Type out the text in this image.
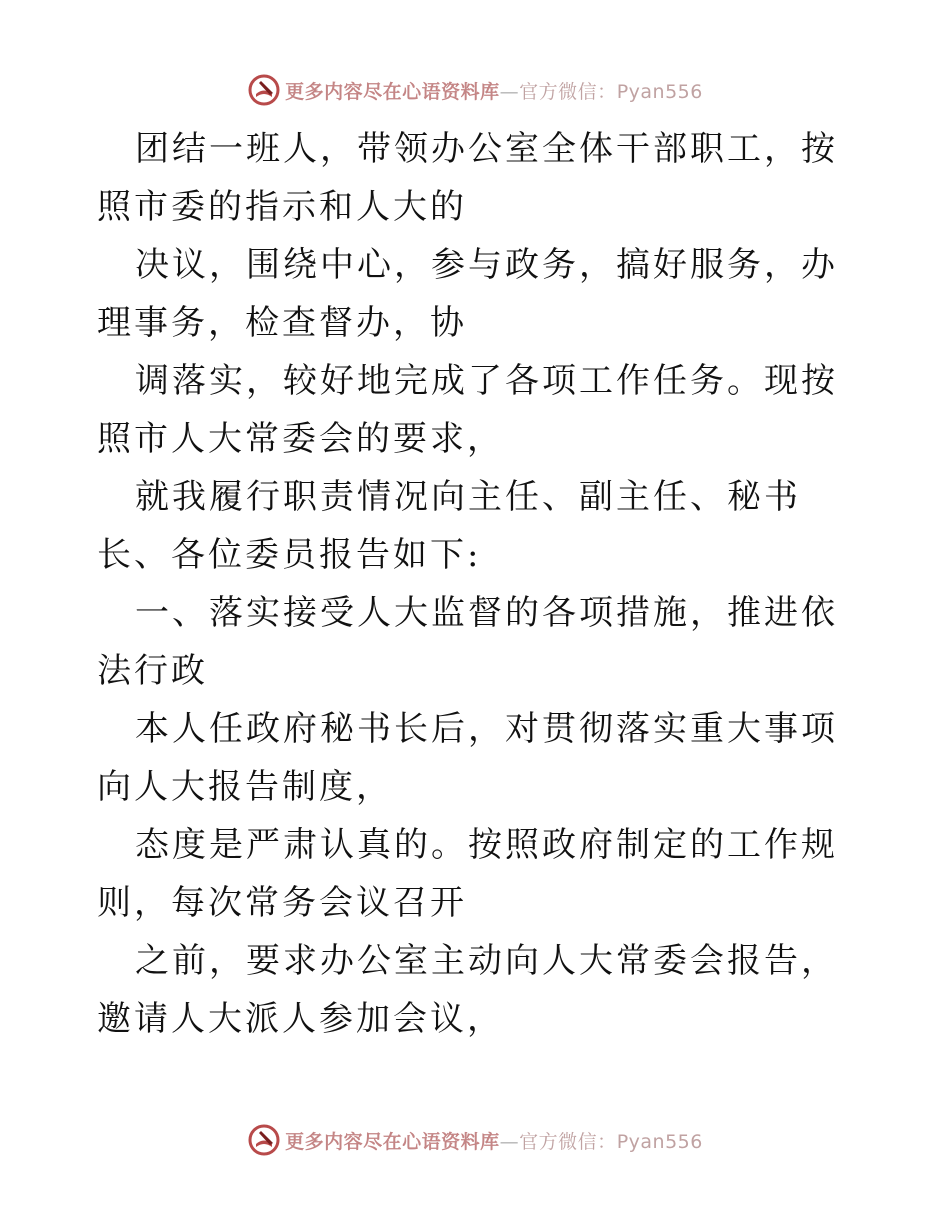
更多内容尽在心语资料库—官方微信：Pyan556

团结一班人，带领办公室全体干部职工，按照市委的指示和人大的

决议，围绕中心，参与政务，搞好服务，办理事务，检查督办，协

调落实，较好地完成了各项工作任务。现按照市人大常委会的要求，

就我履行职责情况向主任、副主任、秘书长、各位委员报告如下:

一、落实接受人大监督的各项措施，推进依法行政

本人任政府秘书长后，对贯彻落实重大事项向人大报告制度，

态度是严肃认真的。按照政府制定的工作规则，每次常务会议召开

之前，要求办公室主动向人大常委会报告，邀请人大派人参加会议，

更多内容尽在心语资料库—官方微信：Pyan556
